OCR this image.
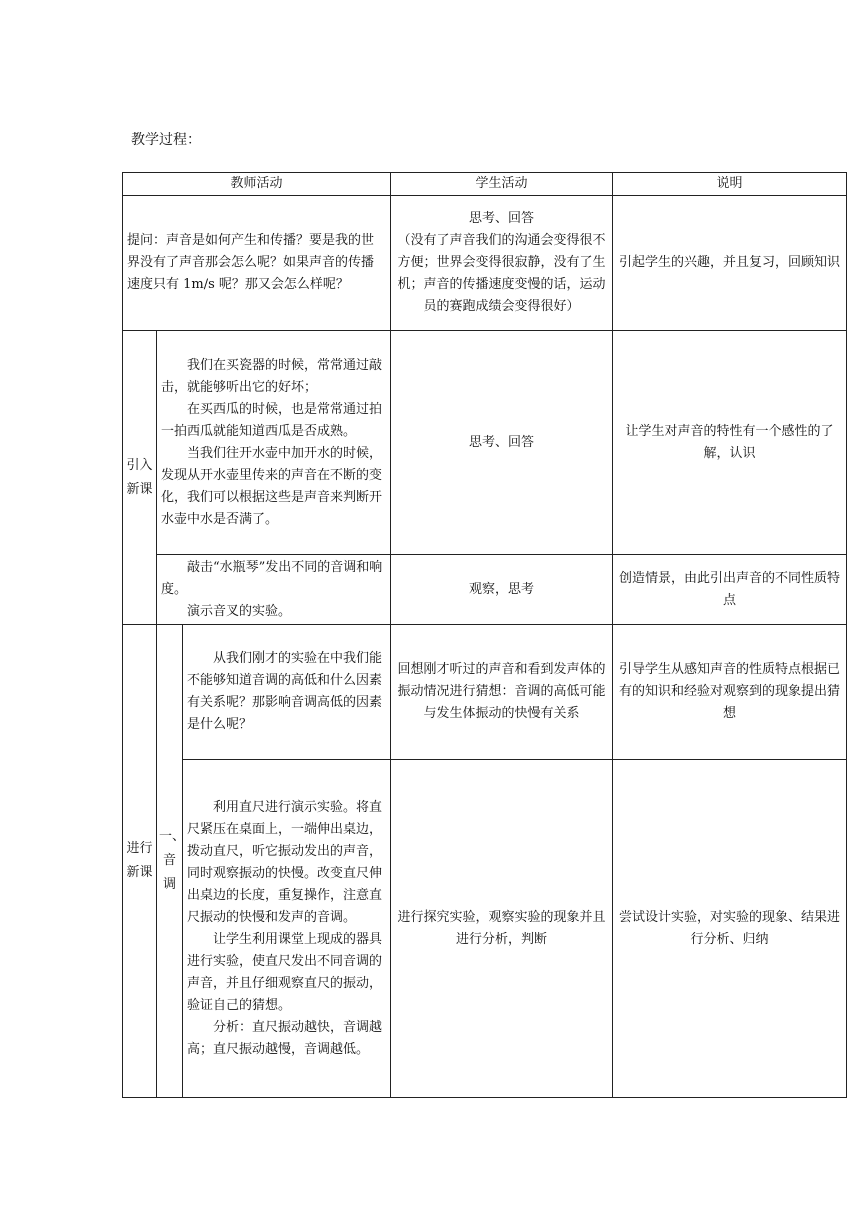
教学过程：
教师活动			学生活动	说明

提问：声音是如何产生和传播？要是我的世界没有了声音那会怎么呢？如果声音的传播速度只有 1m/s 呢？那又会怎么样呢？			思考、回答
（没有了声音我们的沟通会变得很不方便；世界会变得很寂静，没有了生机；声音的传播速度变慢的话，运动员的赛跑成绩会变得很好）	引起学生的兴趣，并且复习，回顾知识
引入新课	我们在买瓷器的时候，常常通过敲击，就能够听出它的好坏；

在买西瓜的时候，也是常常通过拍一拍西瓜就能知道西瓜是否成熟。

当我们往开水壶中加开水的时候，发现从开水壶里传来的声音在不断的变化，我们可以根据这些是声音来判断开水壶中水是否满了。		思考、回答	让学生对声音的特性有一个感性的了解，认识

	敲击“水瓶琴”发出不同的音调和响度。

演示音叉的实验。		观察，思考	创造情景，由此引出声音的不同性质特点
进行新课	一、音调	从我们刚才的实验在中我们能不能够知道音调的高低和什么因素有关系呢？那影响音调高低的因素是什么呢？	回想刚才听过的声音和看到发声体的振动情况进行猜想：音调的高低可能与发生体振动的快慢有关系	引导学生从感知声音的性质特点根据已有的知识和经验对观察到的现象提出猜想

		利用直尺进行演示实验。将直尺紧压在桌面上，一端伸出桌边，拨动直尺，听它振动发出的声音，同时观察振动的快慢。改变直尺伸出桌边的长度，重复操作，注意直尺振动的快慢和发声的音调。

让学生利用课堂上现成的器具进行实验，使直尺发出不同音调的声音，并且仔细观察直尺的振动，验证自己的猜想。

分析：直尺振动越快，音调越高；直尺振动越慢，音调越低。	进行探究实验，观察实验的现象并且进行分析，判断	尝试设计实验，对实验的现象、结果进行分析、归纳
